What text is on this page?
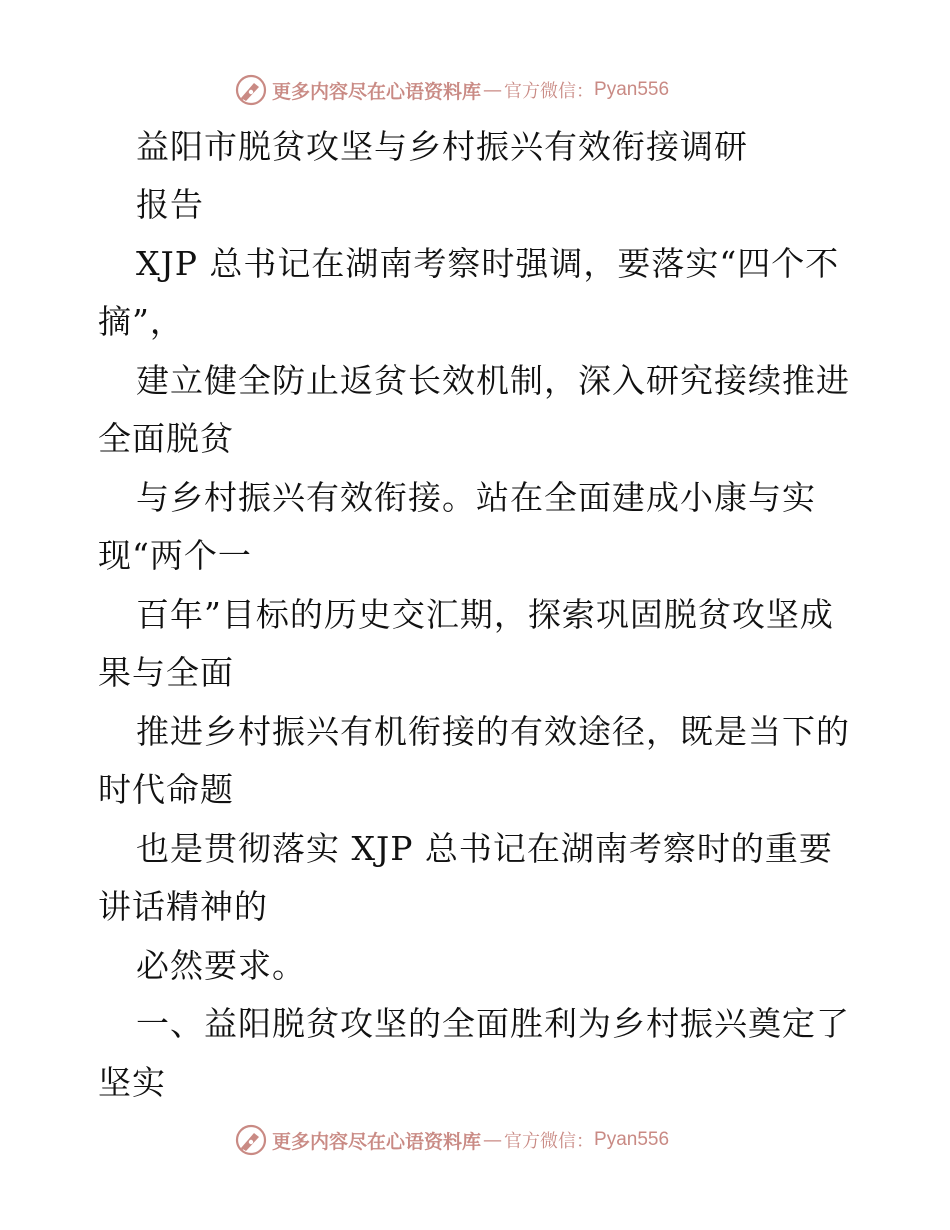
更多内容尽在心语资料库 — 官方微信： Pyan556
益阳市脱贫攻坚与乡村振兴有效衔接调研
报告
XJP 总书记在湖南考察时强调，要落实“四个不
摘”，
建立健全防止返贫长效机制，深入研究接续推进
全面脱贫
与乡村振兴有效衔接。站在全面建成小康与实
现“两个一
百年”目标的历史交汇期，探索巩固脱贫攻坚成
果与全面
推进乡村振兴有机衔接的有效途径，既是当下的
时代命题
也是贯彻落实 XJP 总书记在湖南考察时的重要
讲话精神的
必然要求。
一、益阳脱贫攻坚的全面胜利为乡村振兴奠定了
坚实
更多内容尽在心语资料库 — 官方微信： Pyan556
